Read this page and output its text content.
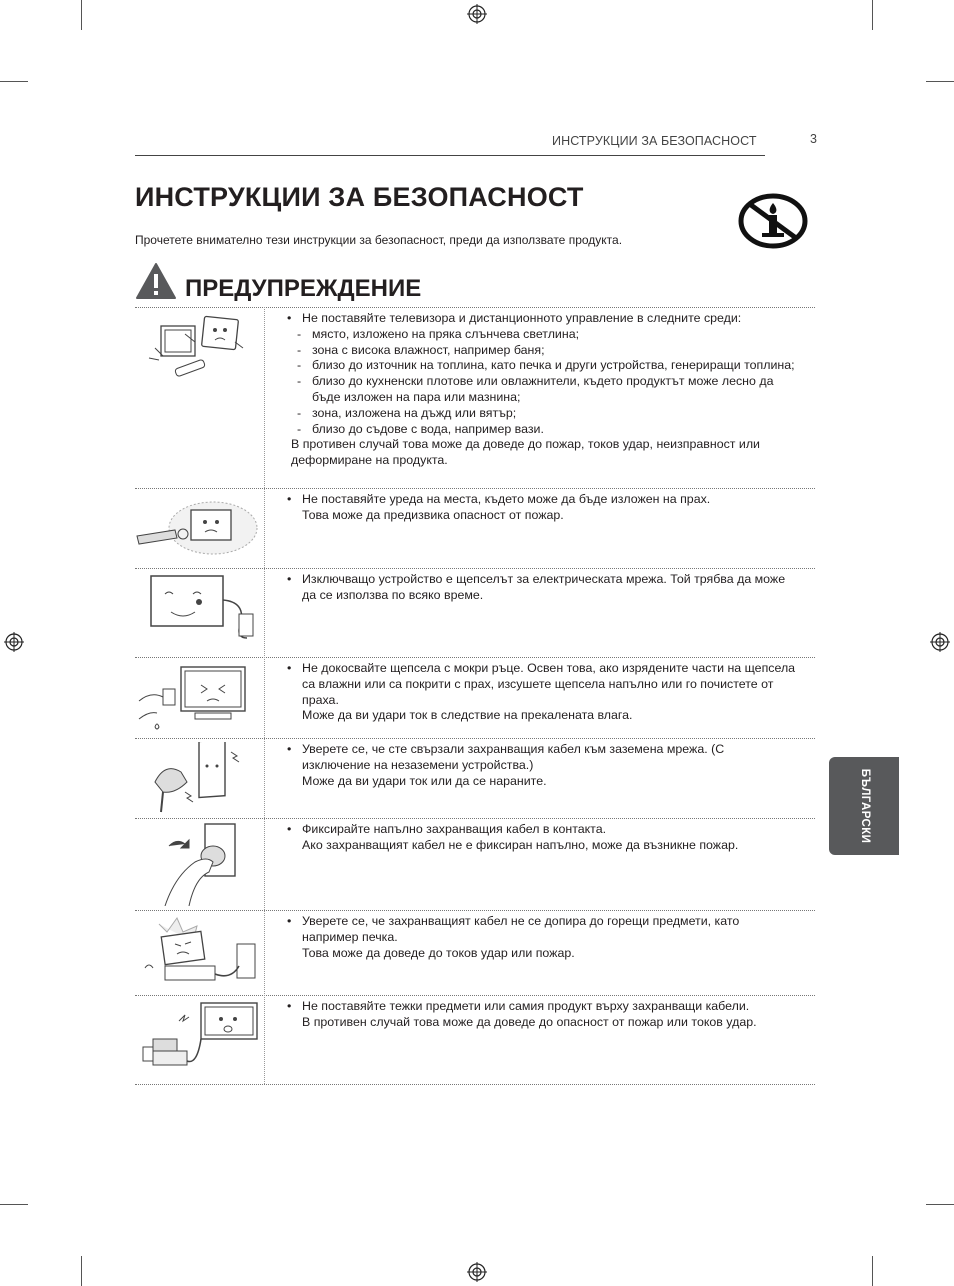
ИНСТРУКЦИИ ЗА БЕЗОПАСНОСТ	3
ИНСТРУКЦИИ ЗА БЕЗОПАСНОСТ
Прочетете внимателно тези инструкции за безопасност, преди да използвате продукта.
ПРЕДУПРЕЖДЕНИЕ
• Не поставяйте телевизора и дистанционното управление в следните среди:
- място, изложено на пряка слънчева светлина;
- зона с висока влажност, например баня;
- близо до източник на топлина, като печка и други устройства, генериращи топлина;
- близо до кухненски плотове или овлажнители, където продуктът може лесно да бъде изложен на пара или мазнина;
- зона, изложена на дъжд или вятър;
- близо до съдове с вода, например вази.
В противен случай това може да доведе до пожар, токов удар, неизправност или деформиране на продукта.
• Не поставяйте уреда на места, където може да бъде изложен на прах.
Това може да предизвика опасност от пожар.
• Изключващо устройство е щепселът за електрическата мрежа. Той трябва да може да се използва по всяко време.
• Не докосвайте щепсела с мокри ръце. Освен това, ако изрядените части на щепсела са влажни или са покрити с прах, изсушете щепсела напълно или го почистете от праха.
Може да ви удари ток в следствие на прекалената влага.
• Уверете се, че сте свързали захранващия кабел към заземена мрежа. (С изключение на незаземени устройства.)
Може да ви удари ток или да се нараните.
• Фиксирайте напълно захранващия кабел в контакта.
Ако захранващият кабел не е фиксиран напълно, може да възникне пожар.
• Уверете се, че захранващият кабел не се допира до горещи предмети, като например печка.
Това може да доведе до токов удар или пожар.
• Не поставяйте тежки предмети или самия продукт върху захранващи кабели.
В противен случай това може да доведе до опасност от пожар или токов удар.
БЪЛГАРСКИ
